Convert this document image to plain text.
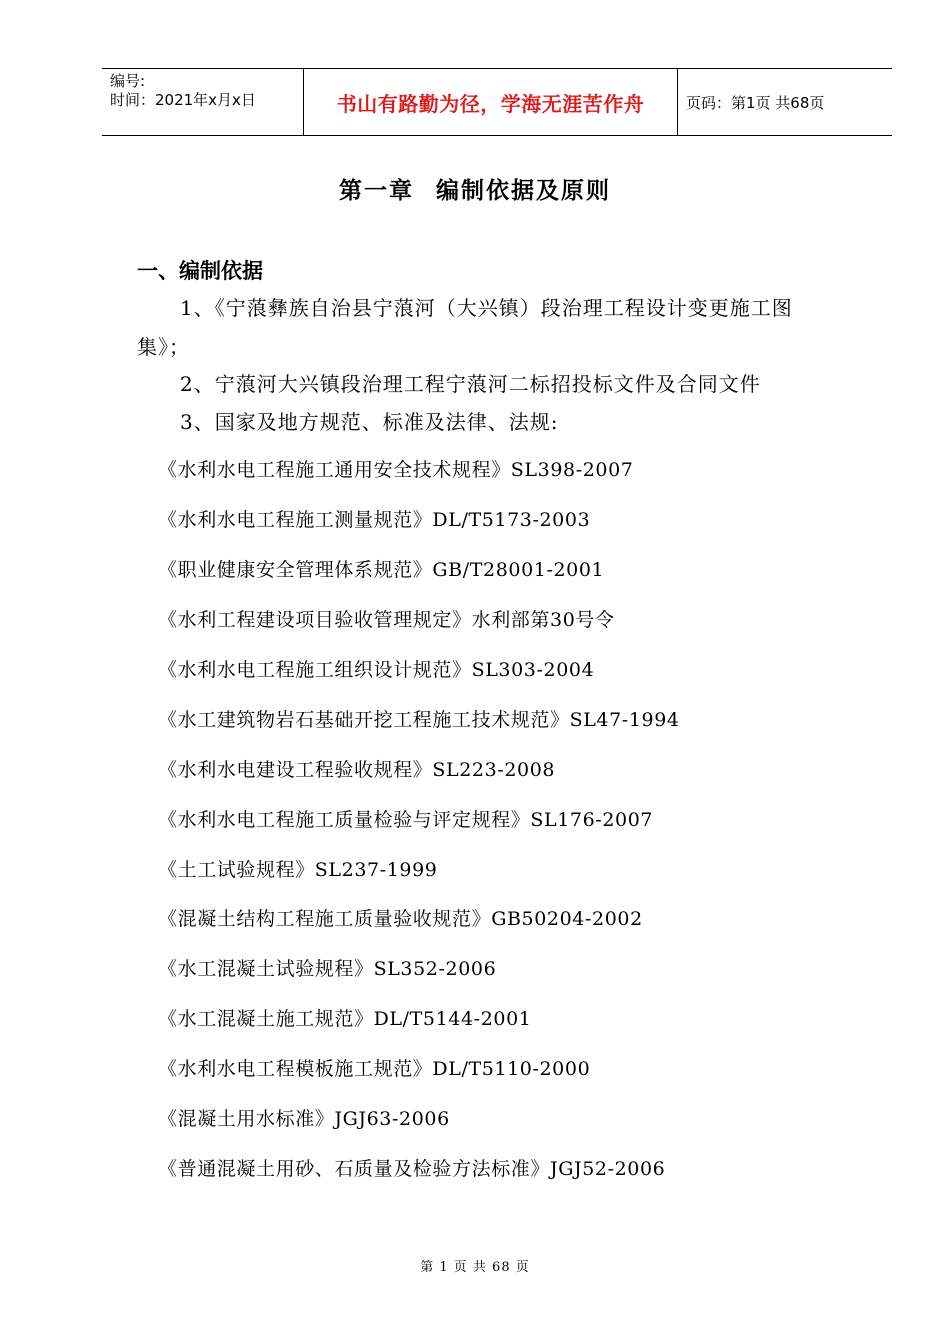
编号:
时间：2021年x月x日	书山有路勤为径，学海无涯苦作舟	页码：第1页 共68页
第一章 编制依据及原则
一、编制依据
1、《宁蒗彝族自治县宁蒗河（大兴镇）段治理工程设计变更施工图
集》；
2、宁蒗河大兴镇段治理工程宁蒗河二标招投标文件及合同文件
3、国家及地方规范、标准及法律、法规:
《水利水电工程施工通用安全技术规程》SL398-2007
《水利水电工程施工测量规范》DL/T5173-2003
《职业健康安全管理体系规范》GB/T28001-2001
《水利工程建设项目验收管理规定》水利部第30号令
《水利水电工程施工组织设计规范》SL303-2004
《水工建筑物岩石基础开挖工程施工技术规范》SL47-1994
《水利水电建设工程验收规程》SL223-2008
《水利水电工程施工质量检验与评定规程》SL176-2007
《土工试验规程》SL237-1999
《混凝土结构工程施工质量验收规范》GB50204-2002
《水工混凝土试验规程》SL352-2006
《水工混凝土施工规范》DL/T5144-2001
《水利水电工程模板施工规范》DL/T5110-2000
《混凝土用水标准》JGJ63-2006
《普通混凝土用砂、石质量及检验方法标准》JGJ52-2006
第 1 页 共 68 页
